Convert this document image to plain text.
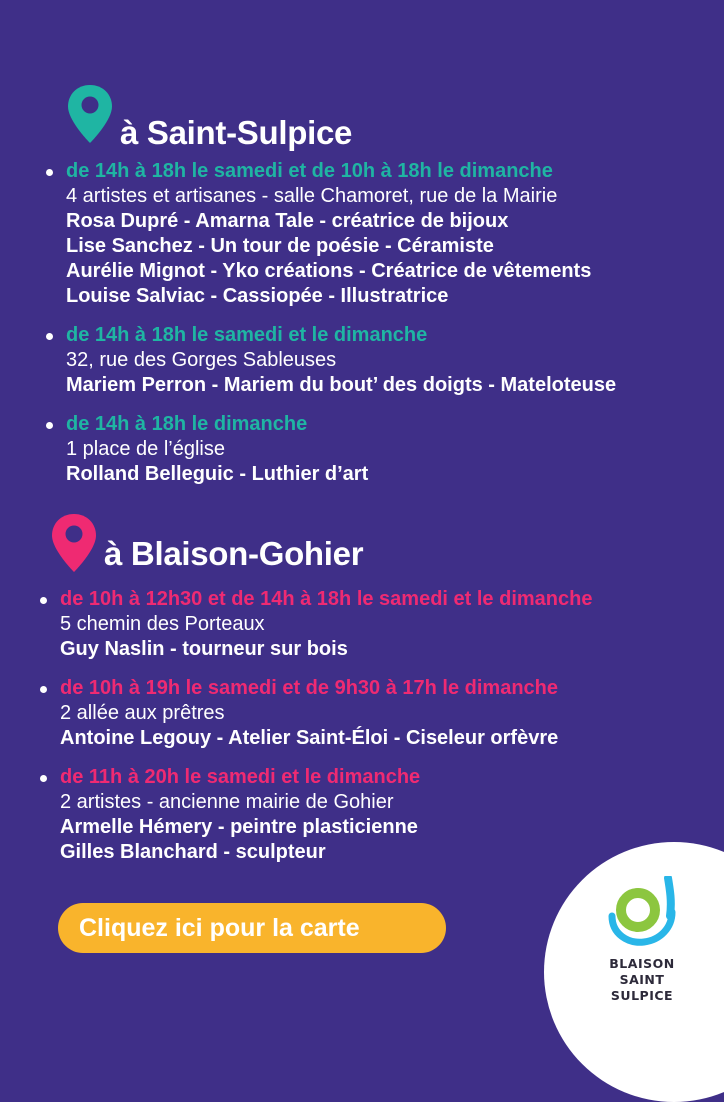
à Saint-Sulpice
de 14h à 18h le samedi et de 10h à 18h le dimanche
4 artistes et artisanes - salle Chamoret, rue de la Mairie
Rosa Dupré - Amarna Tale - créatrice de bijoux
Lise Sanchez - Un tour de poésie - Céramiste
Aurélie Mignot - Yko créations - Créatrice de vêtements
Louise Salviac - Cassiopée - Illustratrice
de 14h à 18h le samedi et le dimanche
32, rue des Gorges Sableuses
Mariem Perron - Mariem du bout’ des doigts - Mateloteuse
de 14h à 18h le dimanche
1 place de l’église
Rolland Belleguic - Luthier d’art
à Blaison-Gohier
de 10h à 12h30 et de 14h à 18h le samedi et le dimanche
5 chemin des Porteaux
Guy Naslin - tourneur sur bois
de 10h à 19h le samedi et de 9h30 à 17h le dimanche
2 allée aux prêtres
Antoine Legouy - Atelier Saint-Éloi - Ciseleur orfèvre
de 11h à 20h le samedi et le dimanche
2 artistes - ancienne mairie de Gohier
Armelle Hémery - peintre plasticienne
Gilles Blanchard - sculpteur
Cliquez ici pour la carte
BLAISON
SAINT
SULPICE
